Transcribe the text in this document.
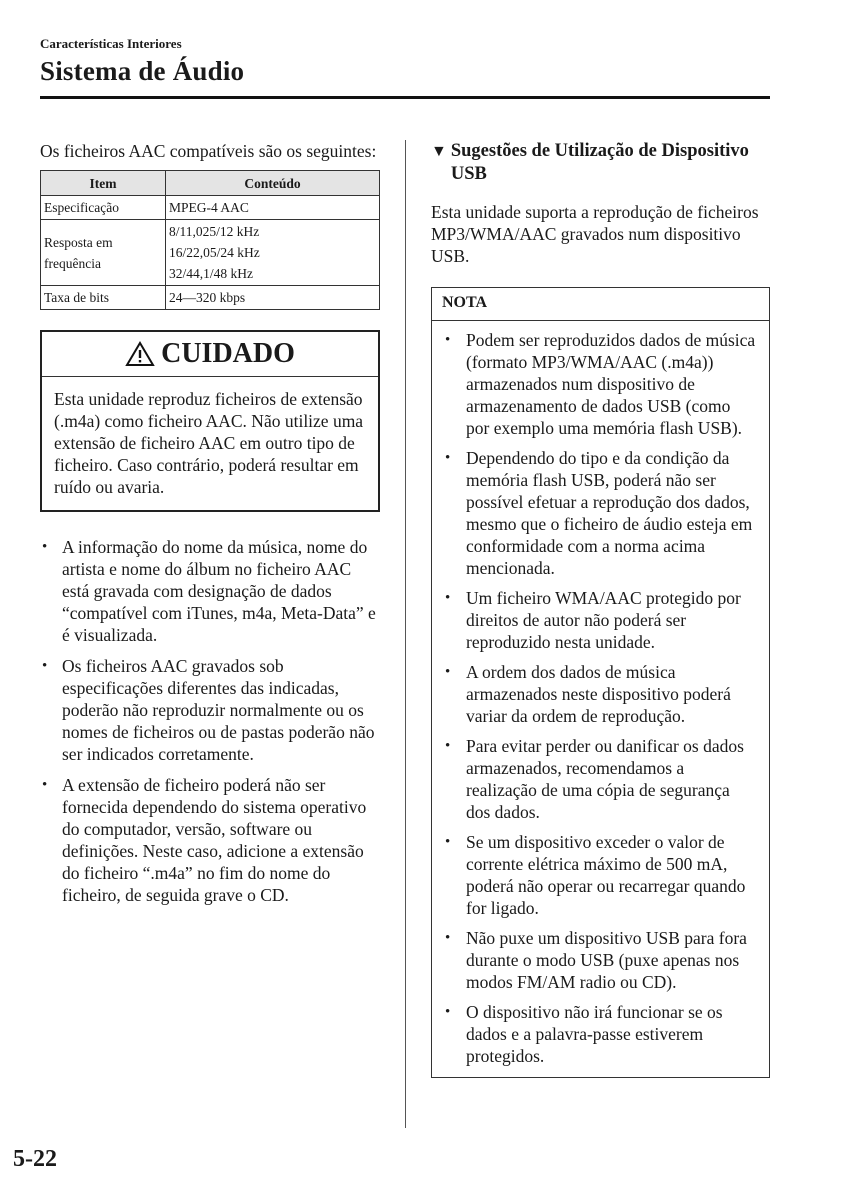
Características Interiores
Sistema de Áudio

Os ficheiros AAC compatíveis são os seguintes:

Item	Conteúdo
Especificação	MPEG-4 AAC
Resposta em frequência	8/11,025/12 kHz
16/22,05/24 kHz
32/44,1/48 kHz

Taxa de bits	24—320 kbps
CUIDADO

Esta unidade reproduz ficheiros de extensão (.m4a) como ficheiro AAC. Não utilize uma extensão de ficheiro AAC em outro tipo de ficheiro. Caso contrário, poderá resultar em ruído ou avaria.

• A informação do nome da música, nome do artista e nome do álbum no ficheiro AAC está gravada com designação de dados “compatível com iTunes, m4a, Meta-Data” e é visualizada.
• Os ficheiros AAC gravados sob especificações diferentes das indicadas, poderão não reproduzir normalmente ou os nomes de ficheiros ou de pastas poderão não ser indicados corretamente.
• A extensão de ficheiro poderá não ser fornecida dependendo do sistema operativo do computador, versão, software ou definições. Neste caso, adicione a extensão do ficheiro “.m4a” no fim do nome do ficheiro, de seguida grave o CD.
▼ Sugestões de Utilização de Dispositivo USB

Esta unidade suporta a reprodução de ficheiros MP3/WMA/AAC gravados num dispositivo USB.

NOTA
• Podem ser reproduzidos dados de música (formato MP3/WMA/AAC (.m4a)) armazenados num dispositivo de armazenamento de dados USB (como por exemplo uma memória flash USB).
• Dependendo do tipo e da condição da memória flash USB, poderá não ser possível efetuar a reprodução dos dados, mesmo que o ficheiro de áudio esteja em conformidade com a norma acima mencionada.
• Um ficheiro WMA/AAC protegido por direitos de autor não poderá ser reproduzido nesta unidade.
• A ordem dos dados de música armazenados neste dispositivo poderá variar da ordem de reprodução.
• Para evitar perder ou danificar os dados armazenados, recomendamos a realização de uma cópia de segurança dos dados.
• Se um dispositivo exceder o valor de corrente elétrica máximo de 500 mA, poderá não operar ou recarregar quando for ligado.
• Não puxe um dispositivo USB para fora durante o modo USB (puxe apenas nos modos FM/AM radio ou CD).
• O dispositivo não irá funcionar se os dados e a palavra-passe estiverem protegidos.
5-22
